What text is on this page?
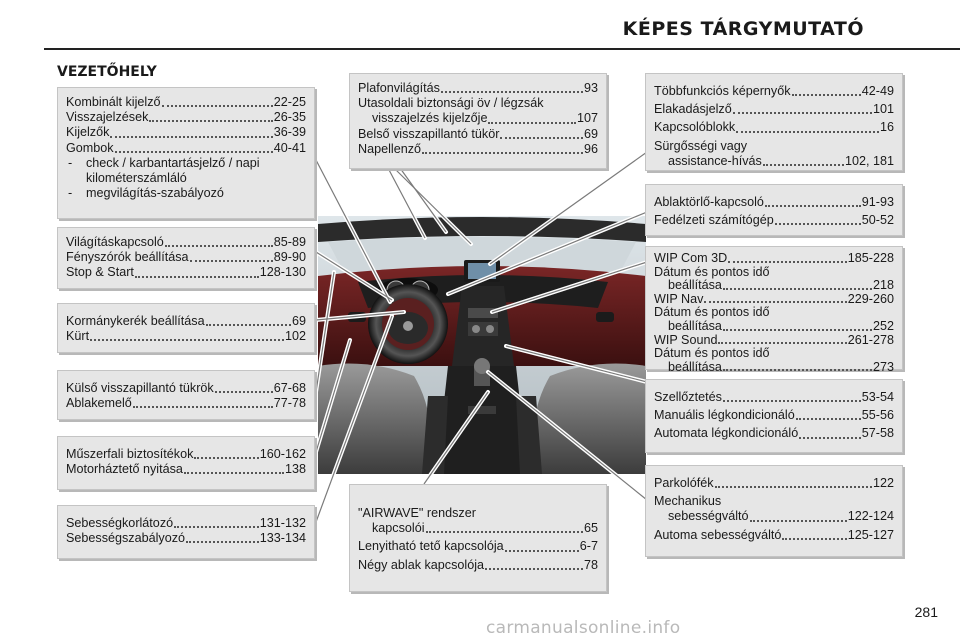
KÉPES TÁRGYMUTATÓ
VEZETŐHELY
Kombinált kijelző	22-25
Visszajelzések	26-35
Kijelzők	36-39
Gombok	40-41
-	check / karbantartásjelző / napi
kilométerszámláló
-	megvilágítás-szabályozó
Világításkapcsoló	85-89
Fényszórók beállítása	89-90
Stop & Start	128-130
Kormánykerék beállítása	69
Kürt	102
Külső visszapillantó tükrök	67-68
Ablakemelő	77-78
Műszerfali biztosítékok	160-162
Motorháztető nyitása	138
Sebességkorlátozó	131-132
Sebességszabályozó	133-134
Plafonvilágítás	93
Utasoldali biztonsági öv / légzsák
visszajelzés kijelzője	107
Belső visszapillantó tükör	69
Napellenző	96
"AIRWAVE" rendszer
kapcsolói	65
Lenyitható tető kapcsolója	6-7
Négy ablak kapcsolója	78
Többfunkciós képernyők	42-49
Elakadásjelző	101
Kapcsolóblokk	16
Sürgősségi vagy
assistance-hívás	102, 181
Ablaktörlő-kapcsoló	91-93
Fedélzeti számítógép	50-52
WIP Com 3D	185-228
Dátum és pontos idő
beállítása	218
WIP Nav	229-260
Dátum és pontos idő
beállítása	252
WIP Sound	261-278
Dátum és pontos idő
beállítása	273
Szellőztetés	53-54
Manuális légkondicionáló	55-56
Automata légkondicionáló	57-58
Parkolófék	122
Mechanikus
sebességváltó	122-124
Automa sebességváltó	125-127
281
carmanualsonline.info
